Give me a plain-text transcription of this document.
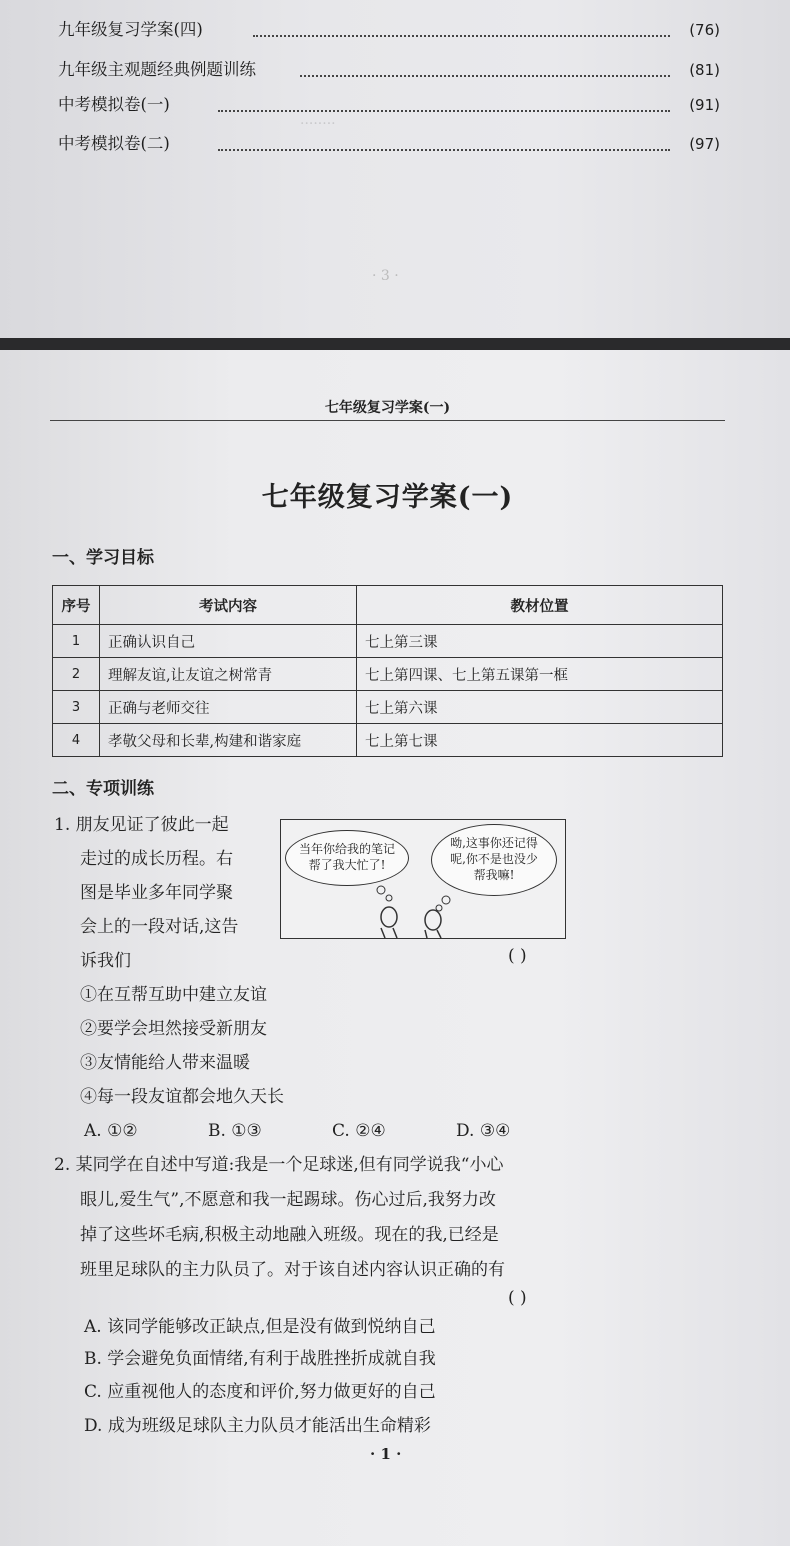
········
九年级复习学案(四)	(76)
九年级主观题经典例题训练	(81)
中考模拟卷(一)	(91)
中考模拟卷(二)	(97)
· 3 ·
七年级复习学案(一)
七年级复习学案(一)
一、学习目标
序号	考试内容	教材位置
1	正确认识自己	七上第三课
2	理解友谊,让友谊之树常青	七上第四课、七上第五课第一框
3	正确与老师交往	七上第六课
4	孝敬父母和长辈,构建和谐家庭	七上第七课
二、专项训练
1. 朋友见证了彼此一起
走过的成长历程。右
图是毕业多年同学聚
会上的一段对话,这告
诉我们
当年你给我的笔记
帮了我大忙了!
呦,这事你还记得
呢,你不是也没少
帮我嘛!
( )
①在互帮互助中建立友谊
②要学会坦然接受新朋友
③友情能给人带来温暖
④每一段友谊都会地久天长
A. ①②	B. ①③	C. ②④	D. ③④
2. 某同学在自述中写道:我是一个足球迷,但有同学说我“小心
眼儿,爱生气”,不愿意和我一起踢球。伤心过后,我努力改
掉了这些坏毛病,积极主动地融入班级。现在的我,已经是
班里足球队的主力队员了。对于该自述内容认识正确的有
( )
A. 该同学能够改正缺点,但是没有做到悦纳自己
B. 学会避免负面情绪,有利于战胜挫折成就自我
C. 应重视他人的态度和评价,努力做更好的自己
D. 成为班级足球队主力队员才能活出生命精彩
· 1 ·
